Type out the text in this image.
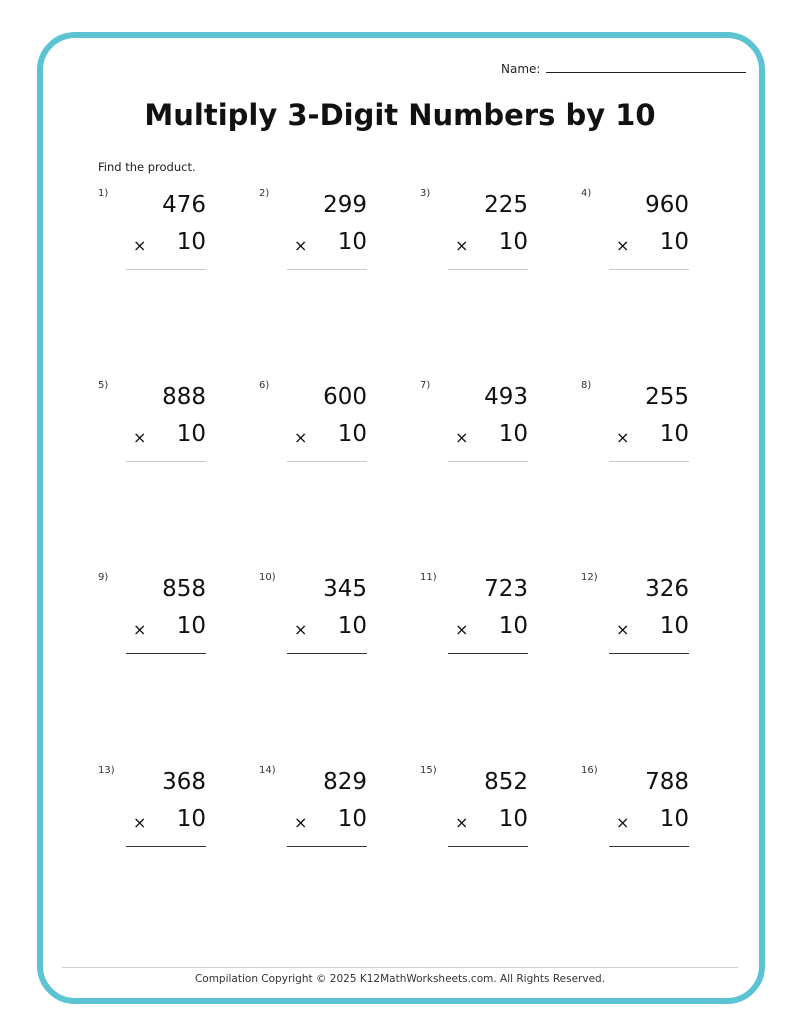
Name:
Multiply 3-Digit Numbers by 10
Find the product.
1) 476
× 10
2) 299
× 10
3) 225
× 10
4) 960
× 10
5) 888
× 10
6) 600
× 10
7) 493
× 10
8) 255
× 10
9) 858
× 10
10) 345
× 10
11) 723
× 10
12) 326
× 10
13) 368
× 10
14) 829
× 10
15) 852
× 10
16) 788
× 10
Compilation Copyright © 2025 K12MathWorksheets.com. All Rights Reserved.
